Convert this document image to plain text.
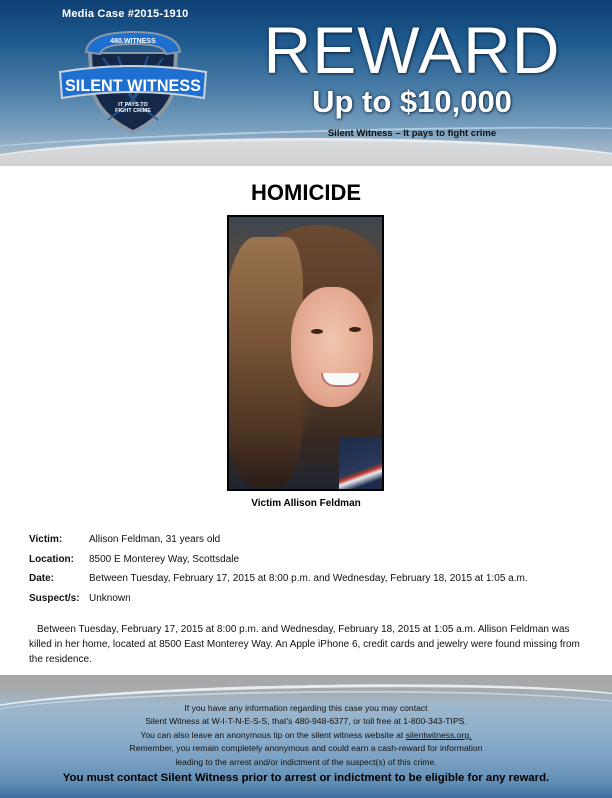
Media Case #2015-1910
480.WITNESS
SILENT WITNESS
IT PAYS TO
FIGHT CRIME
REWARD
Up to $10,000
Silent Witness – It pays to fight crime
HOMICIDE
Victim Allison Feldman
Victim:	Allison Feldman, 31 years old
Location:	8500 E Monterey Way, Scottsdale
Date:	Between Tuesday, February 17, 2015 at 8:00 p.m. and Wednesday, February 18, 2015 at 1:05 a.m.
Suspect/s: Unknown

Between Tuesday, February 17, 2015 at 8:00 p.m. and Wednesday, February 18, 2015 at 1:05 a.m. Allison Feldman was killed in her home, located at 8500 East Monterey Way. An Apple iPhone 6, credit cards and jewelry were found missing from the residence.

If you have any information regarding this case you may contact
Silent Witness at W-I-T-N-E-S-S, that’s 480-948-6377, or toll free at 1-800-343-TIPS.
You can also leave an anonymous tip on the silent witness website at silentwitness.org.
Remember, you remain completely anonymous and could earn a cash-reward for information
leading to the arrest and/or indictment of the suspect(s) of this crime.
You must contact Silent Witness prior to arrest or indictment to be eligible for any reward.
